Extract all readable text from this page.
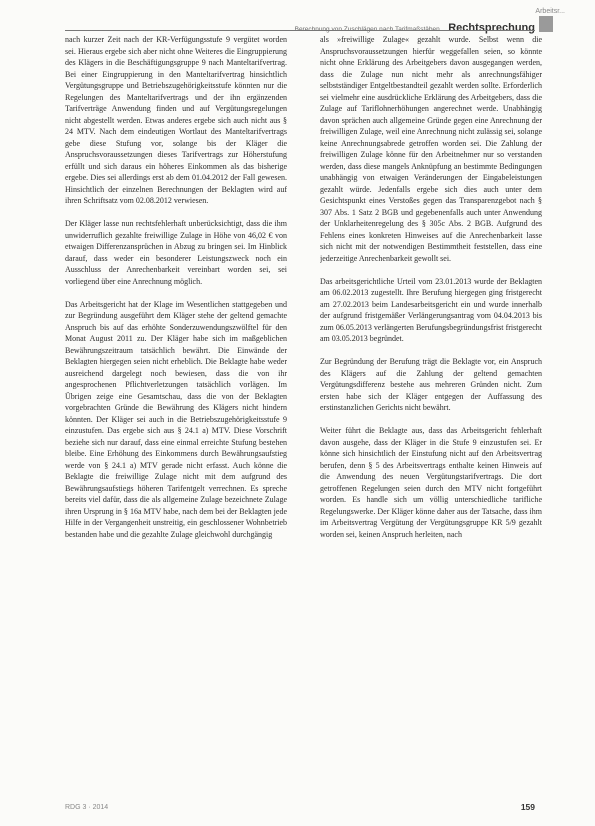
Arbeitsr...
Berechnung von Zuschlägen nach Tarifmaßstäben Rechtsprechung

nach kurzer Zeit nach der KR-Verfügungsstufe 9 vergütet worden sei. Hieraus ergebe sich aber nicht ohne Weiteres die Eingruppierung des Klägers in die Beschäftigungsgruppe 9 nach Manteltarifvertrag. Bei einer Eingruppierung in den Manteltarifvertrag hinsichtlich Vergütungsgruppe und Betriebszugehörigkeitsstufe könnten nur die Regelungen des Manteltarifvertrags und der ihn ergänzenden Tarifverträge Anwendung finden und auf Vergütungsregelungen nicht abgestellt werden. Etwas anderes ergebe sich auch nicht aus § 24 MTV. Nach dem eindeutigen Wortlaut des Manteltarifvertrags gebe diese Stufung vor, solange bis der Kläger die Anspruchsvoraussetzungen dieses Tarifvertrags zur Höherstufung erfüllt und sich daraus ein höheres Einkommen als das bisherige ergebe. Dies sei allerdings erst ab dem 01.04.2012 der Fall gewesen. Hinsichtlich der einzelnen Berechnungen der Beklagten wird auf ihren Schriftsatz vom 02.08.2012 verwiesen.

Der Kläger lasse nun rechtsfehlerhaft unberücksichtigt, dass die ihm unwiderruflich gezahlte freiwillige Zulage in Höhe von 46,02 € von etwaigen Differenzansprüchen in Abzug zu bringen sei. Im Hinblick darauf, dass weder ein besonderer Leistungszweck noch ein Ausschluss der Anrechenbarkeit vereinbart worden sei, sei vorliegend über eine Anrechnung möglich.

Das Arbeitsgericht hat der Klage im Wesentlichen stattgegeben und zur Begründung ausgeführt dem Kläger stehe der geltend gemachte Anspruch bis auf das erhöhte Sonderzuwendungszwölftel für den Monat August 2011 zu. Der Kläger habe sich im maßgeblichen Bewährungszeitraum tatsächlich bewährt. Die Einwände der Beklagten hiergegen seien nicht erheblich. Die Beklagte habe weder ausreichend dargelegt noch bewiesen, dass die von ihr angesprochenen Pflichtverletzungen tatsächlich vorlägen. Im Übrigen zeige eine Gesamtschau, dass die von der Beklagten vorgebrachten Gründe die Bewährung des Klägers nicht hindern könnten. Der Kläger sei auch in die Betriebszugehörigkeitsstufe 9 einzustufen. Das ergebe sich aus § 24.1 a) MTV. Diese Vorschrift beziehe sich nur darauf, dass eine einmal erreichte Stufung bestehen bleibe. Eine Erhöhung des Einkommens durch Bewährungsaufstieg werde von § 24.1 a) MTV gerade nicht erfasst. Auch könne die Beklagte die freiwillige Zulage nicht mit dem aufgrund des Bewährungsaufstiegs höheren Tarifentgelt verrechnen. Es spreche bereits viel dafür, dass die als allgemeine Zulage bezeichnete Zulage ihren Ursprung in § 16a MTV habe, nach dem bei der Beklagten jede Hilfe in der Vergangenheit unstreitig, ein geschlossener Wohnbetrieb bestanden habe und die gezahlte Zulage gleichwohl durchgängig

als »freiwillige Zulage« gezahlt wurde. Selbst wenn die Anspruchsvoraussetzungen hierfür weggefallen seien, so könnte nicht ohne Erklärung des Arbeitgebers davon ausgegangen werden, dass die Zulage nun nicht mehr als anrechnungsfähiger selbstständiger Entgeltbestandteil gezahlt werden sollte. Erforderlich sei vielmehr eine ausdrückliche Erklärung des Arbeitgebers, dass die Zulage auf Tariflohnerhöhungen angerechnet werde. Unabhängig davon sprächen auch allgemeine Gründe gegen eine Anrechnung der freiwilligen Zulage, weil eine Anrechnung nicht zulässig sei, solange keine Anrechnungsabrede getroffen worden sei. Die Zahlung der freiwilligen Zulage könne für den Arbeitnehmer nur so verstanden werden, dass diese mangels Anknüpfung an bestimmte Bedingungen unabhängig von etwaigen Veränderungen der Eingabeleistungen gezahlt würde. Jedenfalls ergebe sich dies auch unter dem Gesichtspunkt eines Verstoßes gegen das Transparenzgebot nach § 307 Abs. 1 Satz 2 BGB und gegebenenfalls auch unter Anwendung der Unklarheitenregelung des § 305c Abs. 2 BGB. Aufgrund des Fehlens eines konkreten Hinweises auf die Anrechenbarkeit lasse sich nicht mit der notwendigen Bestimmtheit feststellen, dass eine jederzeitige Anrechenbarkeit gewollt sei.

Das arbeitsgerichtliche Urteil vom 23.01.2013 wurde der Beklagten am 06.02.2013 zugestellt. Ihre Berufung hiergegen ging fristgerecht am 27.02.2013 beim Landesarbeitsgericht ein und wurde innerhalb der aufgrund fristgemäßer Verlängerungsantrag vom 04.04.2013 bis zum 06.05.2013 verlängerten Berufungsbegründungsfrist fristgerecht am 03.05.2013 begründet.

Zur Begründung der Berufung trägt die Beklagte vor, ein Anspruch des Klägers auf die Zahlung der geltend gemachten Vergütungsdifferenz bestehe aus mehreren Gründen nicht. Zum ersten habe sich der Kläger entgegen der Auffassung des erstinstanzlichen Gerichts nicht bewährt.

Weiter führt die Beklagte aus, dass das Arbeitsgericht fehlerhaft davon ausgehe, dass der Kläger in die Stufe 9 einzustufen sei. Er könne sich hinsichtlich der Einstufung nicht auf den Arbeitsvertrag berufen, denn § 5 des Arbeitsvertrags enthalte keinen Hinweis auf die Anwendung des neuen Vergütungstarifvertrags. Die dort getroffenen Regelungen seien durch den MTV nicht fortgeführt worden. Es handle sich um völlig unterschiedliche tarifliche Regelungswerke. Der Kläger könne daher aus der Tatsache, dass ihm im Arbeitsvertrag Vergütung der Vergütungsgruppe KR 5/9 gezahlt worden sei, keinen Anspruch herleiten, nach

RDG 3 · 2014	159
